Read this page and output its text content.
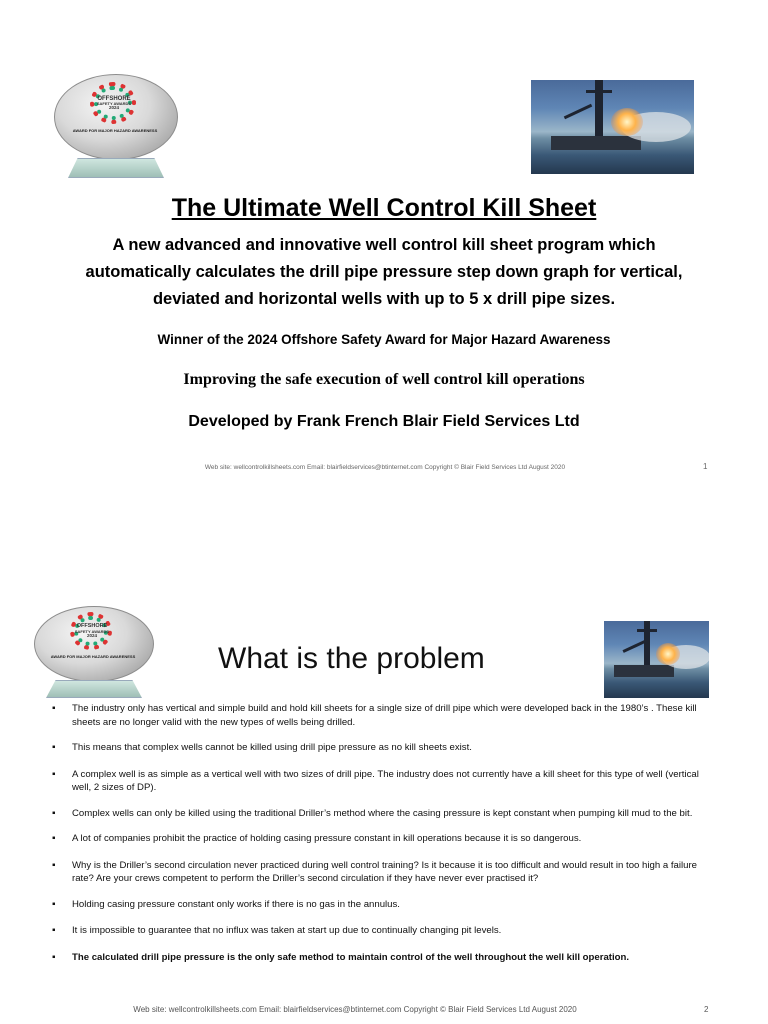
OFFSHORE
SAFETY AWARDS
2024
AWARD FOR MAJOR HAZARD AWARENESS
The Ultimate Well Control Kill Sheet
A new advanced and innovative well control kill sheet program which automatically calculates the drill pipe pressure step down graph for vertical, deviated and horizontal wells with up to 5 x drill pipe sizes.
Winner of the 2024 Offshore Safety Award for Major Hazard Awareness
Improving the safe execution of well control kill operations
Developed by Frank French Blair Field Services Ltd
Web site: wellcontrolkillsheets.com Email: blairfieldservices@btinternet.com Copyright © Blair Field Services Ltd August 2020	1
OFFSHORE
SAFETY AWARDS
2024
AWARD FOR MAJOR HAZARD AWARENESS	What is the problem
▪ The industry only has vertical and simple build and hold kill sheets for a single size of drill pipe which were developed back in the 1980’s . These kill sheets are no longer valid with the new types of wells being drilled.
▪ This means that complex wells cannot be killed using drill pipe pressure as no kill sheets exist.
▪ A complex well is as simple as a vertical well with two sizes of drill pipe. The industry does not currently have a kill sheet for this type of well (vertical well, 2 sizes of DP).
▪ Complex wells can only be killed using the traditional Driller’s method where the casing pressure is kept constant when pumping kill mud to the bit.
▪ A lot of companies prohibit the practice of holding casing pressure constant in kill operations because it is so dangerous.
▪ Why is the Driller’s second circulation never practiced during well control training? Is it because it is too difficult and would result in too high a failure rate? Are your crews competent to perform the Driller’s second circulation if they have never ever practised it?
▪ Holding casing pressure constant only works if there is no gas in the annulus.
▪ It is impossible to guarantee that no influx was taken at start up due to continually changing pit levels.
▪ The calculated drill pipe pressure is the only safe method to maintain control of the well throughout the well kill operation.
Web site: wellcontrolkillsheets.com Email: blairfieldservices@btinternet.com Copyright © Blair Field Services Ltd August 2020	2
